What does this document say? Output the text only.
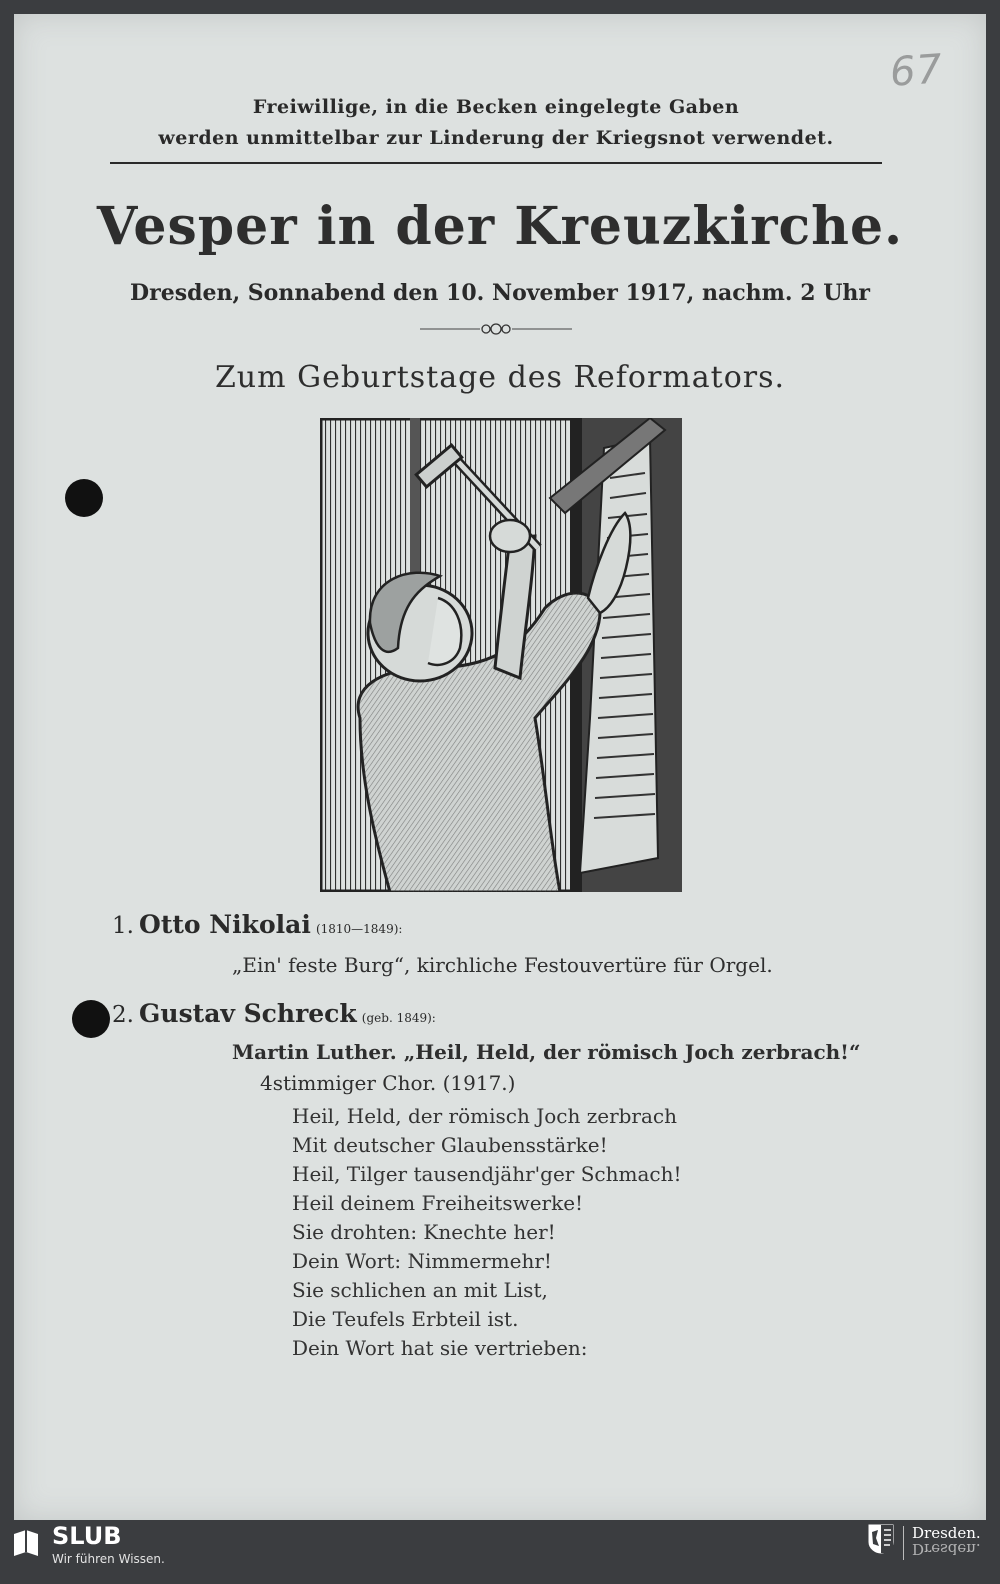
67
Freiwillige, in die Becken eingelegte Gaben
werden unmittelbar zur Linderung der Kriegsnot verwendet.
Vesper in der Kreuzkirche.
Dresden, Sonnabend den 10. November 1917, nachm. 2 Uhr
Zum Geburtstage des Reformators.
1. Otto Nikolai (1810—1849):
„Ein' feste Burg“, kirchliche Festouvertüre für Orgel.
2. Gustav Schreck (geb. 1849):
Martin Luther. „Heil, Held, der römisch Joch zerbrach!“
4stimmiger Chor. (1917.)
Heil, Held, der römisch Joch zerbrach
Mit deutscher Glaubensstärke!
Heil, Tilger tausendjähr'ger Schmach!
Heil deinem Freiheitswerke!
Sie drohten: Knechte her!
Dein Wort: Nimmermehr!
Sie schlichen an mit List,
Die Teufels Erbteil ist.
Dein Wort hat sie vertrieben:
SLUB
Wir führen Wissen.
Dresden.
Dresden.
